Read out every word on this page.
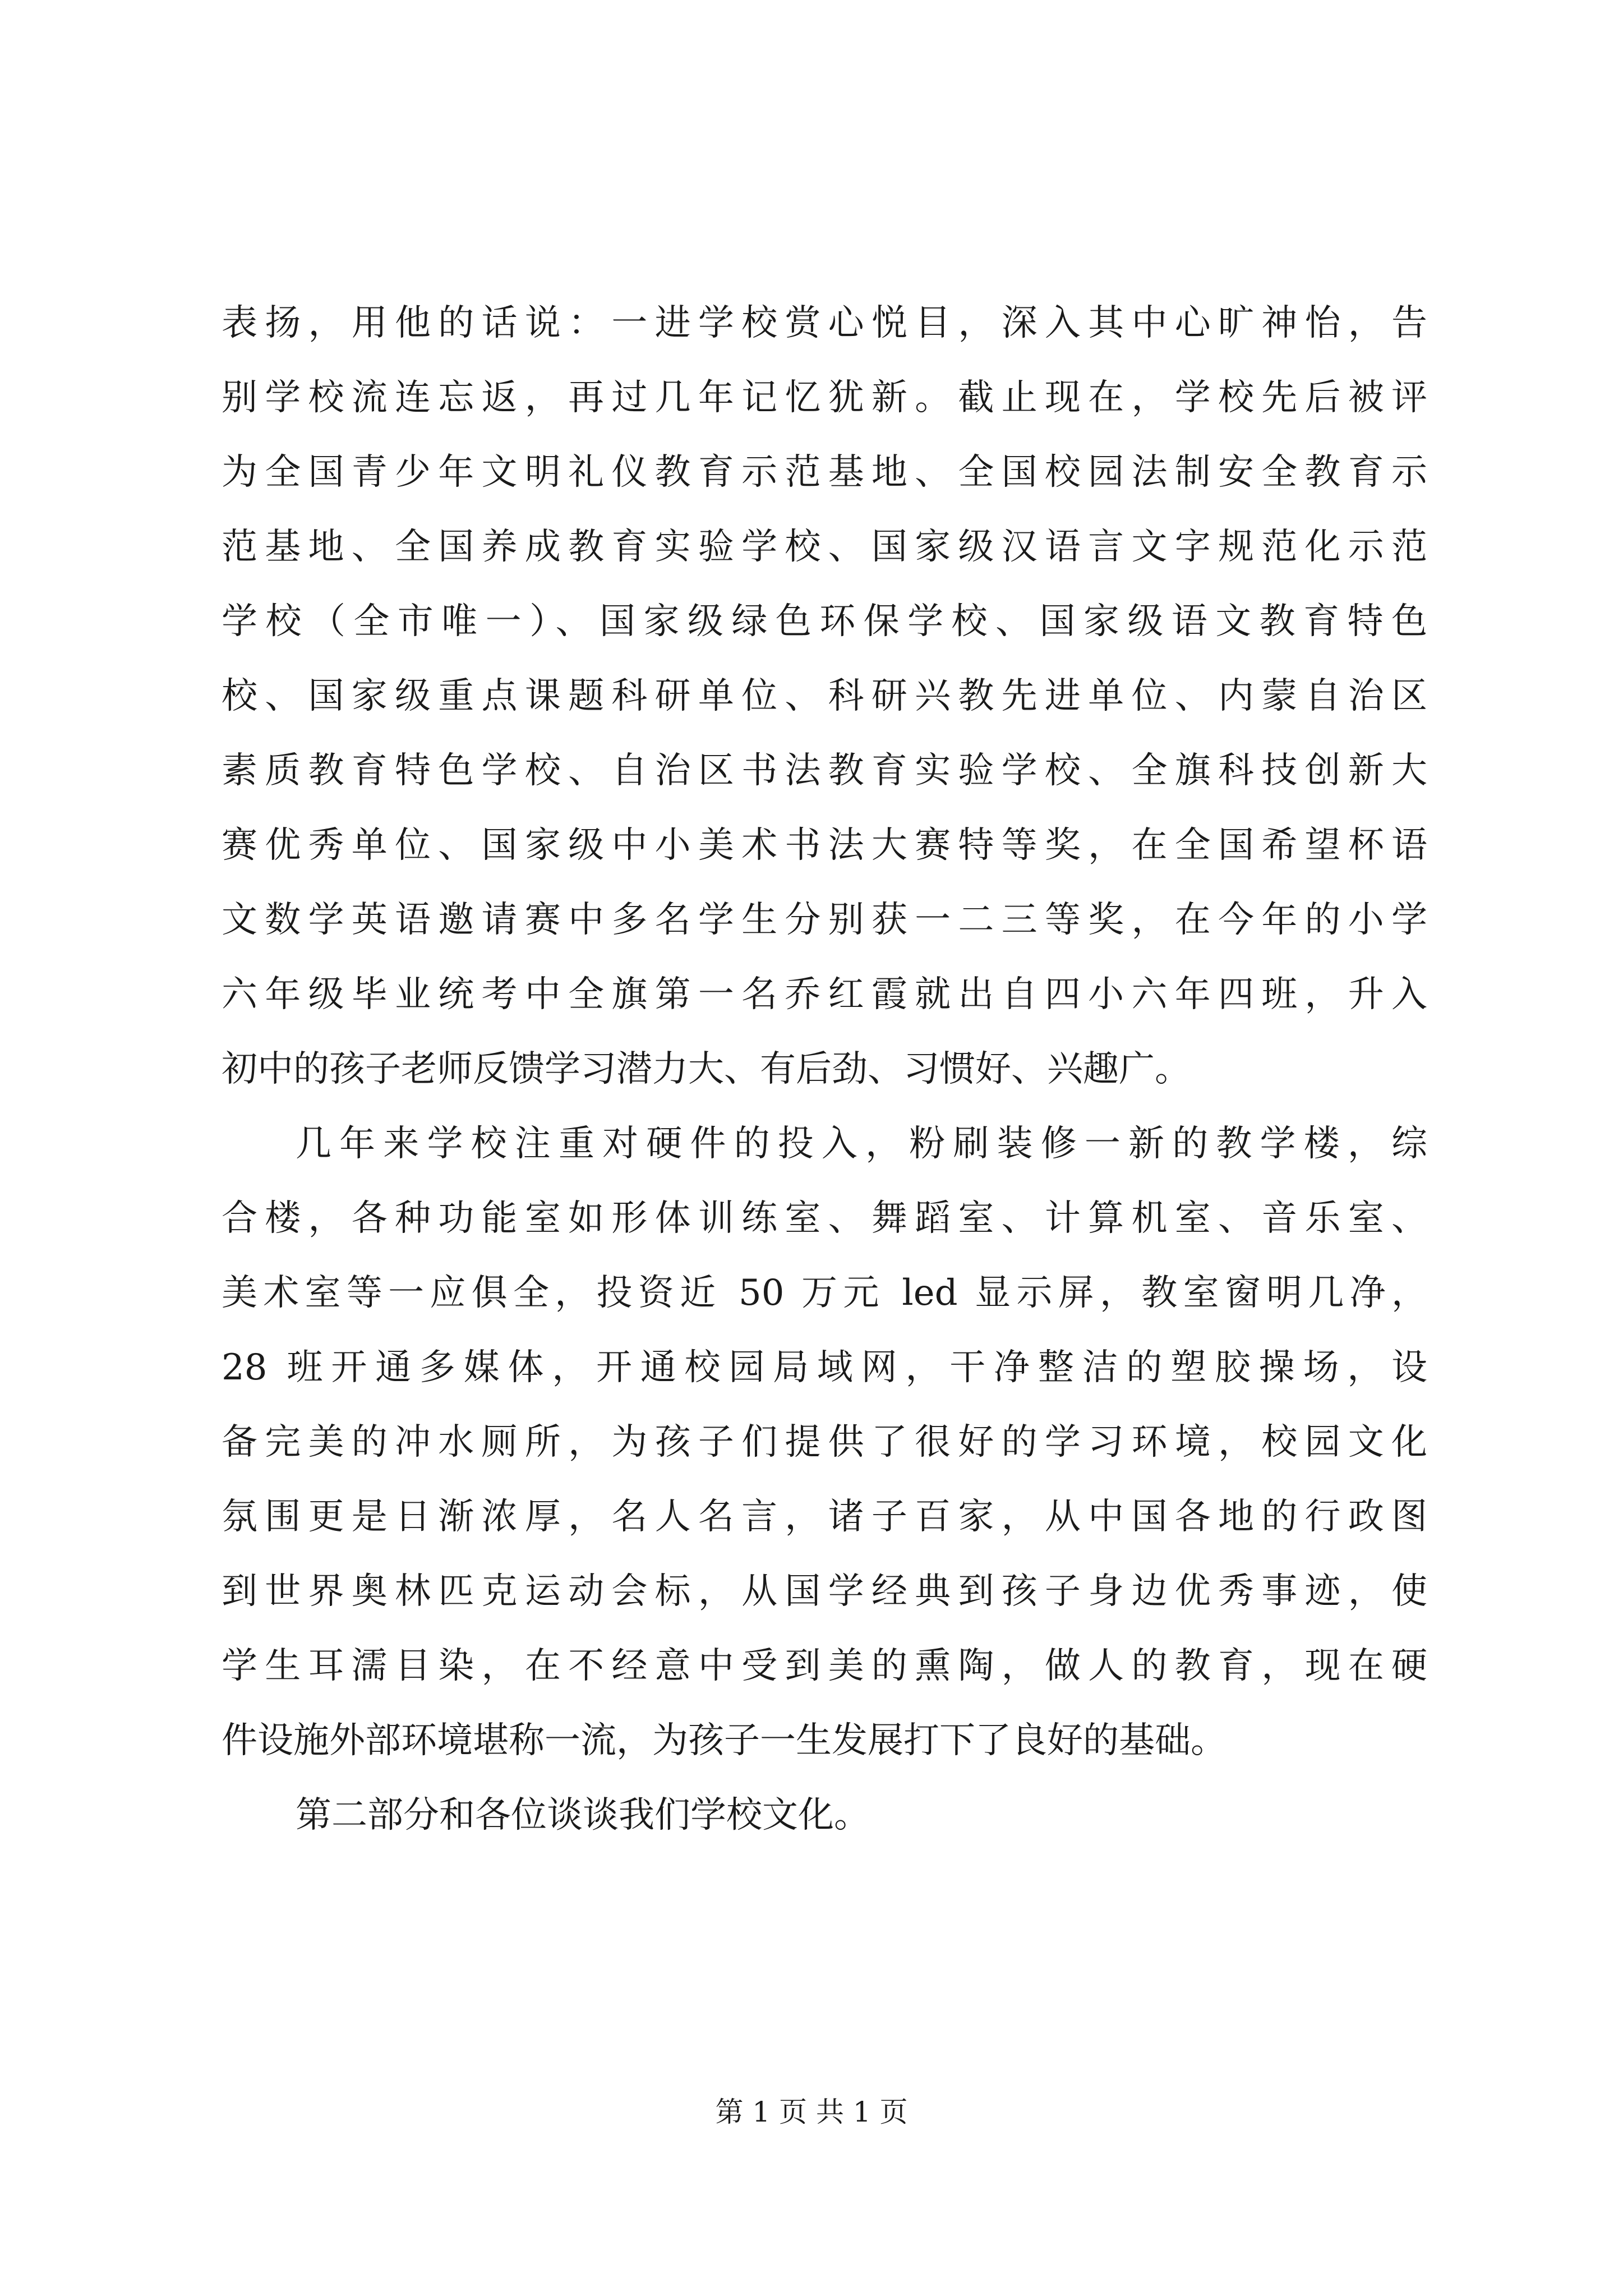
表扬，用他的话说：一进学校赏心悦目，深入其中心旷神怡，告
别学校流连忘返，再过几年记忆犹新。截止现在，学校先后被评
为全国青少年文明礼仪教育示范基地、全国校园法制安全教育示
范基地、全国养成教育实验学校、国家级汉语言文字规范化示范
学校（全市唯一）、国家级绿色环保学校、国家级语文教育特色
校、国家级重点课题科研单位、科研兴教先进单位、内蒙自治区
素质教育特色学校、自治区书法教育实验学校、全旗科技创新大
赛优秀单位、国家级中小美术书法大赛特等奖，在全国希望杯语
文数学英语邀请赛中多名学生分别获一二三等奖，在今年的小学
六年级毕业统考中全旗第一名乔红霞就出自四小六年四班，升入
初中的孩子老师反馈学习潜力大、有后劲、习惯好、兴趣广。
几年来学校注重对硬件的投入，粉刷装修一新的教学楼，综
合楼，各种功能室如形体训练室、舞蹈室、计算机室、音乐室、
美术室等一应俱全，投资近 50 万元 led 显示屏，教室窗明几净，
28 班开通多媒体，开通校园局域网，干净整洁的塑胶操场，设
备完美的冲水厕所，为孩子们提供了很好的学习环境，校园文化
氛围更是日渐浓厚，名人名言，诸子百家，从中国各地的行政图
到世界奥林匹克运动会标，从国学经典到孩子身边优秀事迹，使
学生耳濡目染，在不经意中受到美的熏陶，做人的教育，现在硬
件设施外部环境堪称一流，为孩子一生发展打下了良好的基础。
第二部分和各位谈谈我们学校文化。
第 1 页 共 1 页
